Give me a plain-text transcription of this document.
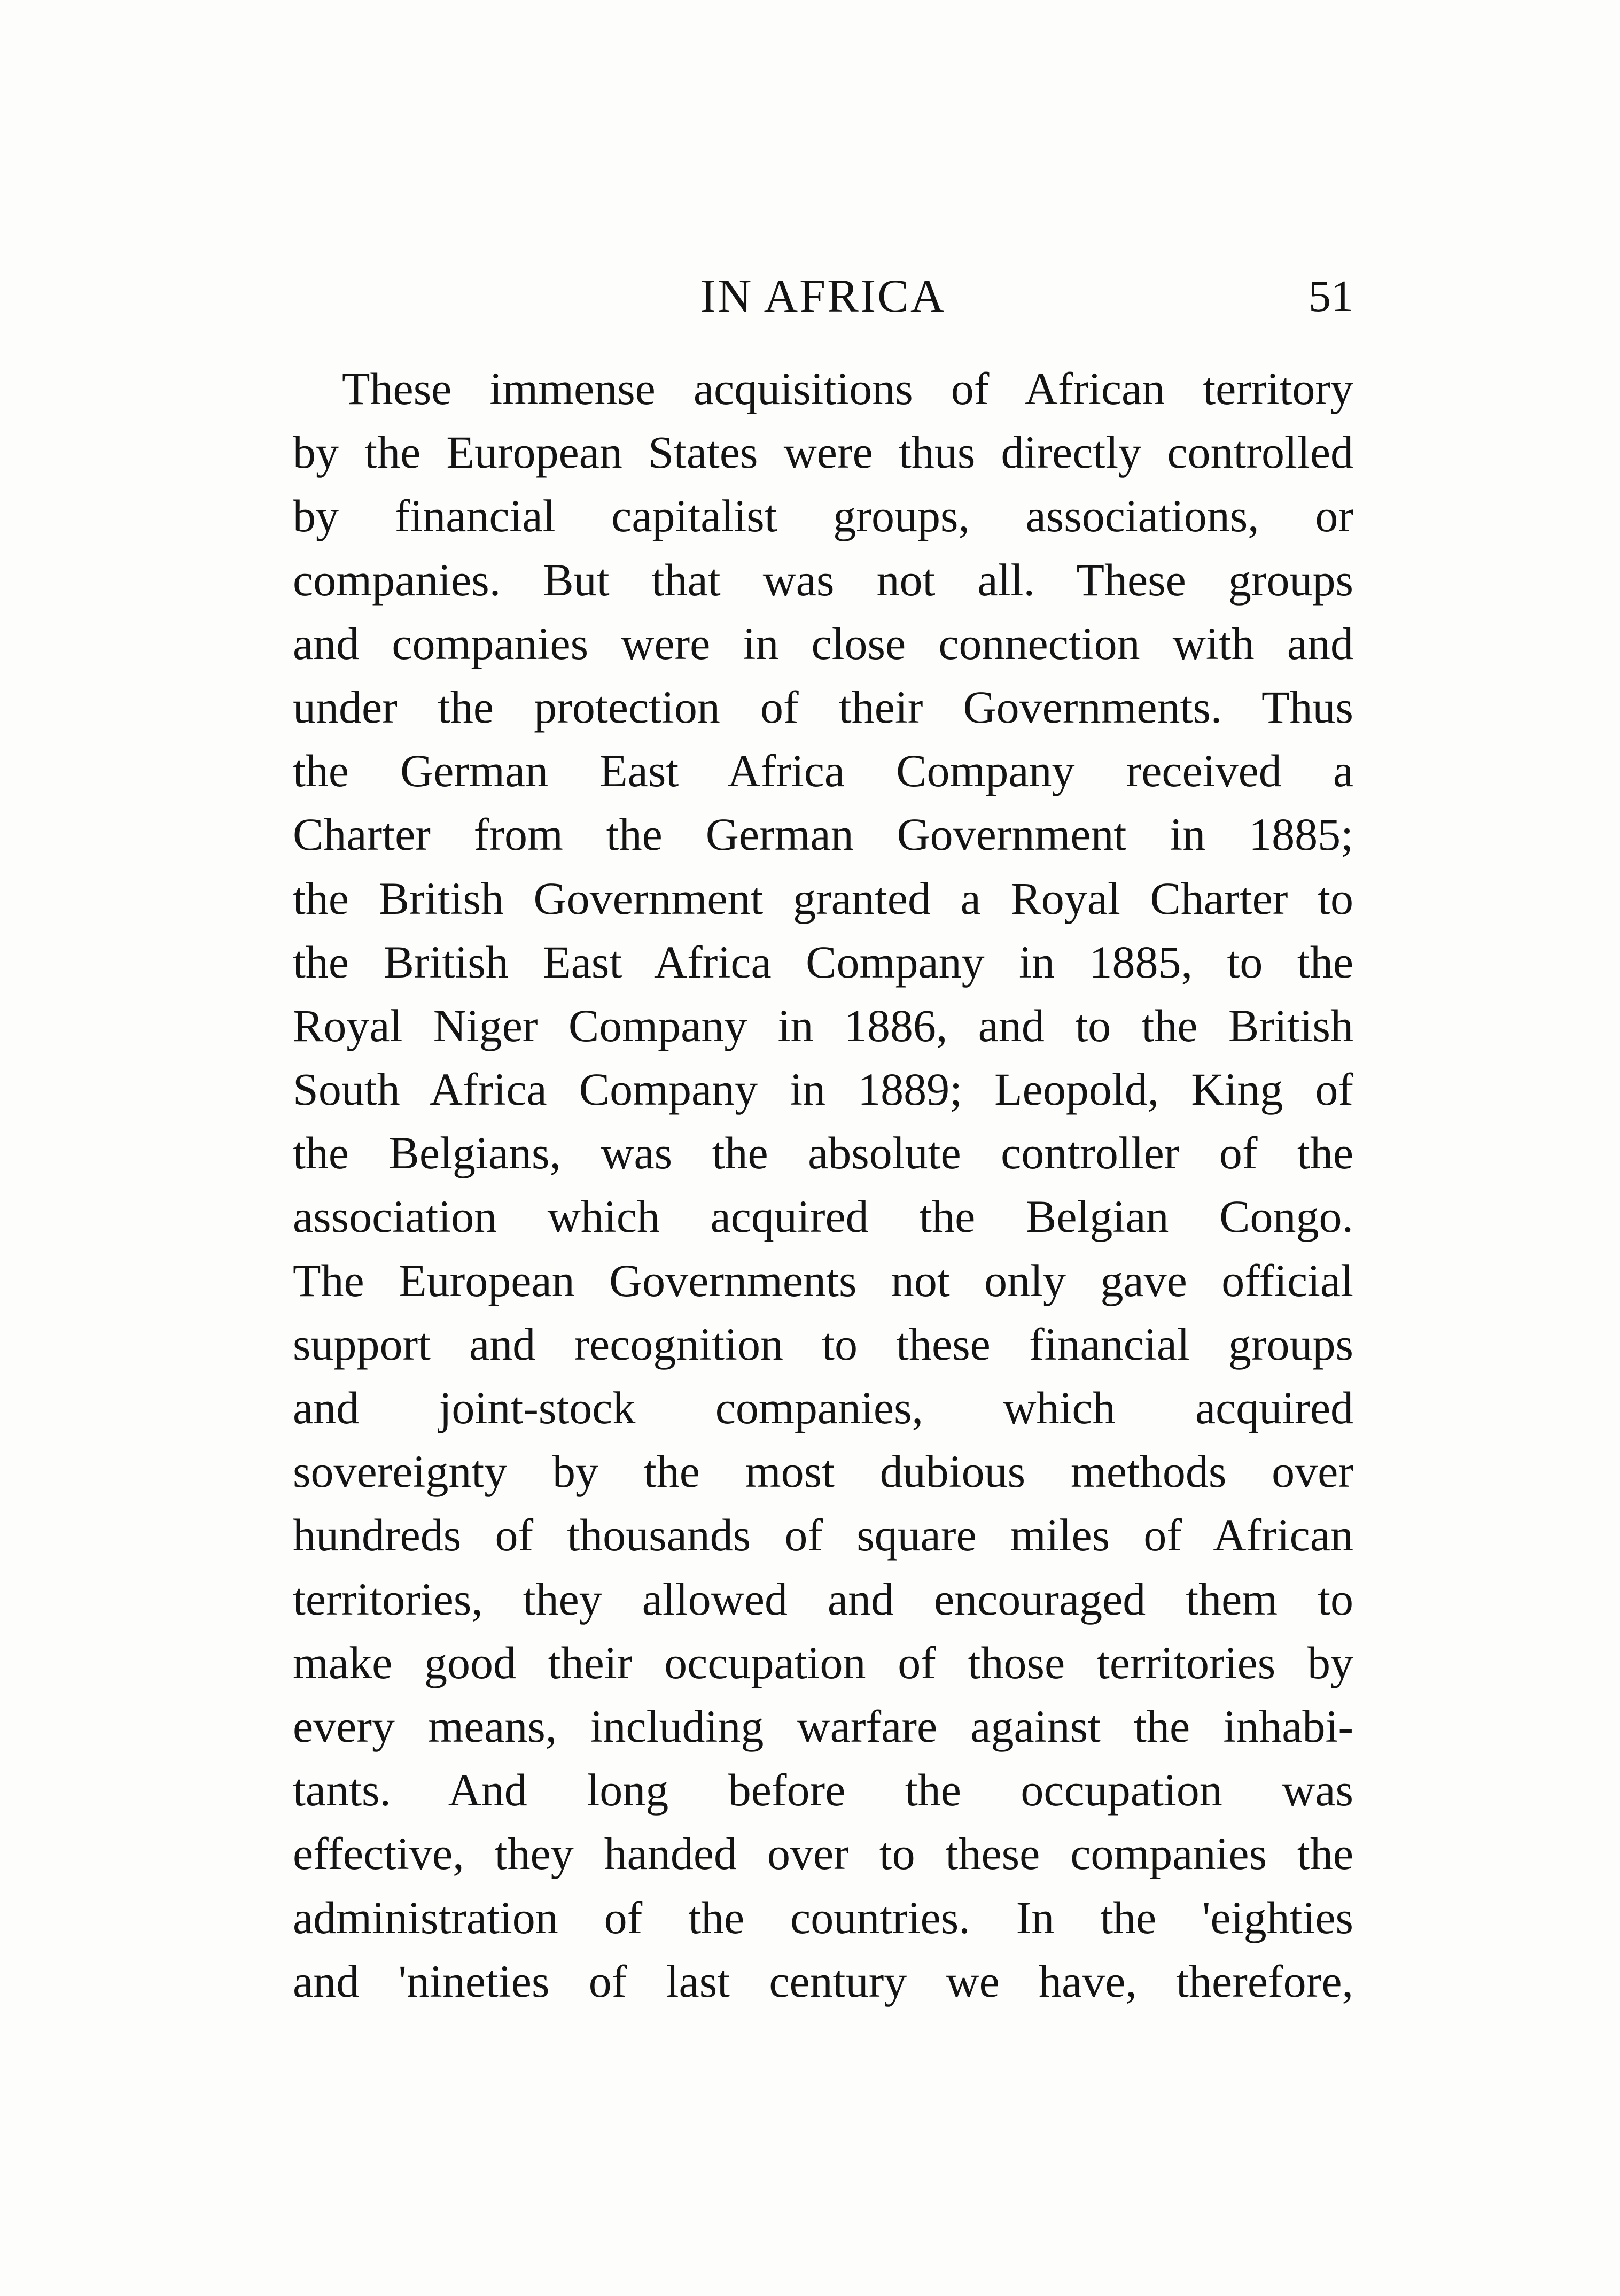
IN AFRICA	51
These immense acquisitions of African territory
by the European States were thus directly controlled
by financial capitalist groups, associations, or
companies. But that was not all. These groups
and companies were in close connection with and
under the protection of their Governments. Thus
the German East Africa Company received a
Charter from the German Government in 1885;
the British Government granted a Royal Charter to
the British East Africa Company in 1885, to the
Royal Niger Company in 1886, and to the British
South Africa Company in 1889; Leopold, King of
the Belgians, was the absolute controller of the
association which acquired the Belgian Congo.
The European Governments not only gave official
support and recognition to these financial groups
and joint-stock companies, which acquired
sovereignty by the most dubious methods over
hundreds of thousands of square miles of African
territories, they allowed and encouraged them to
make good their occupation of those territories by
every means, including warfare against the inhabi-
tants. And long before the occupation was
effective, they handed over to these companies the
administration of the countries. In the 'eighties
and 'nineties of last century we have, therefore,
